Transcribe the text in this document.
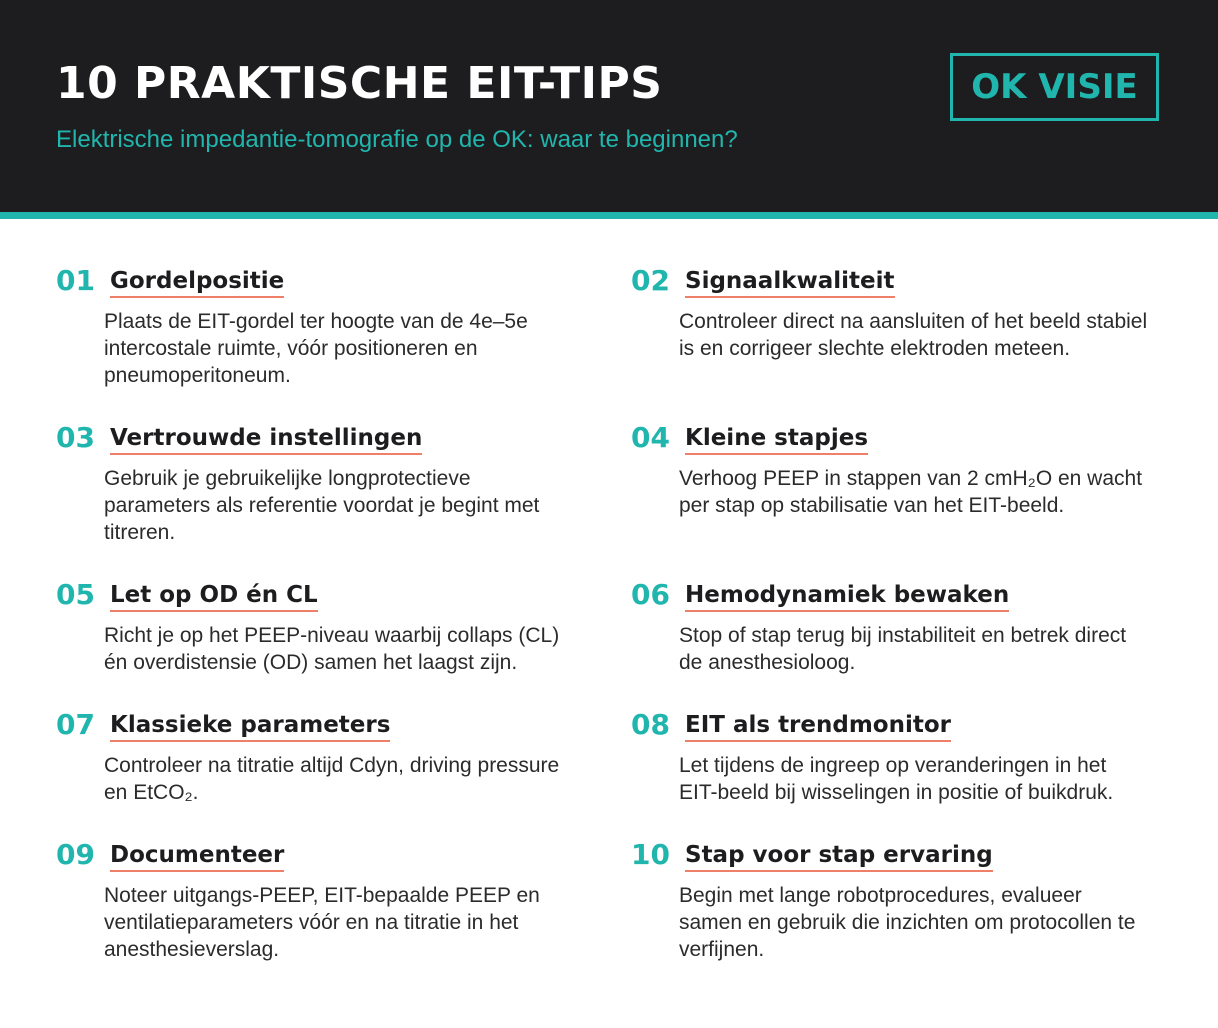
10 PRAKTISCHE EIT-TIPS
Elektrische impedantie-tomografie op de OK: waar te beginnen?
OK VISIE
01 Gordelpositie
Plaats de EIT-gordel ter hoogte van de 4e–5e intercostale ruimte, vóór positioneren en pneumoperitoneum.
02 Signaalkwaliteit
Controleer direct na aansluiten of het beeld stabiel is en corrigeer slechte elektroden meteen.
03 Vertrouwde instellingen
Gebruik je gebruikelijke longprotectieve parameters als referentie voordat je begint met titreren.
04 Kleine stapjes
Verhoog PEEP in stappen van 2 cmH₂O en wacht per stap op stabilisatie van het EIT-beeld.
05 Let op OD én CL
Richt je op het PEEP-niveau waarbij collaps (CL) én overdistensie (OD) samen het laagst zijn.
06 Hemodynamiek bewaken
Stop of stap terug bij instabiliteit en betrek direct de anesthesioloog.
07 Klassieke parameters
Controleer na titratie altijd Cdyn, driving pressure en EtCO₂.
08 EIT als trendmonitor
Let tijdens de ingreep op veranderingen in het EIT-beeld bij wisselingen in positie of buikdruk.
09 Documenteer
Noteer uitgangs-PEEP, EIT-bepaalde PEEP en ventilatieparameters vóór en na titratie in het anesthesieverslag.
10 Stap voor stap ervaring
Begin met lange robotprocedures, evalueer samen en gebruik die inzichten om protocollen te verfijnen.
